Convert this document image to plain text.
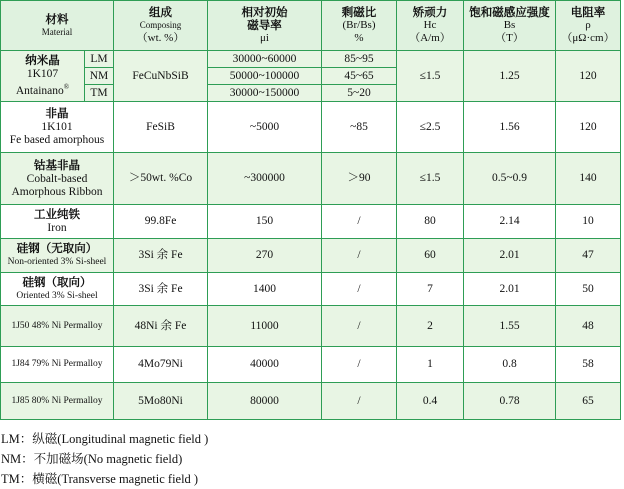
材料
Material		组成
Composing
（wt. %）	相对初始
磁导率
μi	剩磁比
(Br/Bs)
%	矫顽力
Hc
（A/m）	饱和磁感应强度
Bs
（T）	电阻率
ρ
（μΩ·cm）

纳米晶
1K107
Antainano®	LM	FeCuNbSiB	30000~60000	85~95	≤1.5	1.25	120
	NM		50000~100000	45~65			
	TM		30000~150000	5~20			
非晶
1K101
Fe based amorphous		FeSiB	~5000	~85	≤2.5	1.56	120
钴基非晶
Cobalt-based
Amorphous Ribbon		＞50wt. %Co	~300000	＞90	≤1.5	0.5~0.9	140
工业纯铁
Iron		99.8Fe	150	/	80	2.14	10
硅钢（无取向）
Non-oriented 3% Si-sheel		3Si 余 Fe	270	/	60	2.01	47
硅钢（取向）
Oriented 3% Si-sheel		3Si 余 Fe	1400	/	7	2.01	50
1J50 48% Ni Permalloy		48Ni 余 Fe	11000	/	2	1.55	48
1J84 79% Ni Permalloy		4Mo79Ni	40000	/	1	0.8	58
1J85 80% Ni Permalloy		5Mo80Ni	80000	/	0.4	0.78	65
LM：纵磁(Longitudinal magnetic field )
NM：不加磁场(No magnetic field)
TM：横磁(Transverse magnetic field )
